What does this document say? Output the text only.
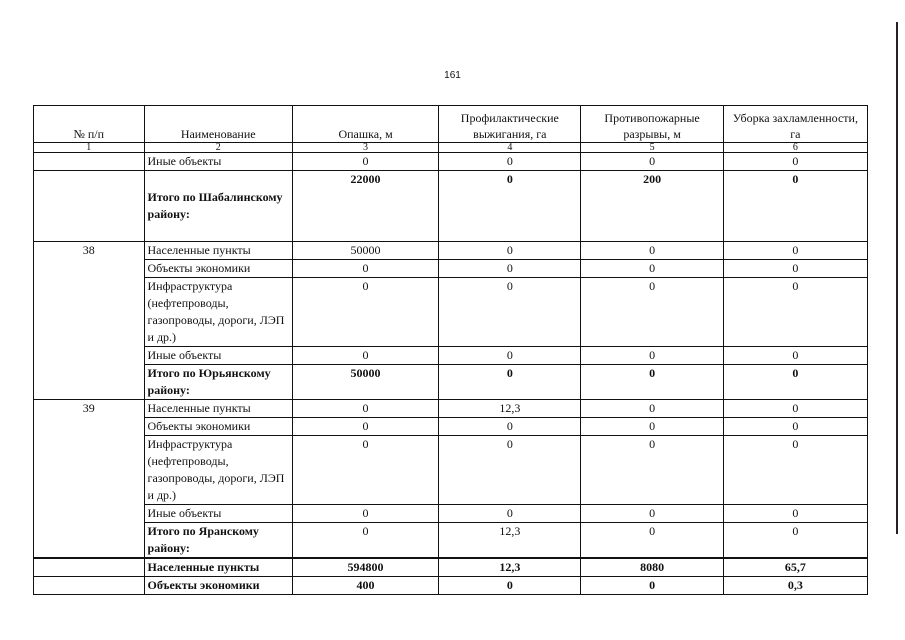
161
№ п/п	Наименование	Опашка, м	Профилактические выжигания, га	Противопожарные разрывы, м	Уборка захламленности, га
1	2	3	4	5	6
	Иные объекты	0	0	0	0
	Итого по Шабалинскому району:	22000	0	200	0
38	Населенные пункты	50000	0	0	0
	Объекты экономики	0	0	0	0
	Инфраструктура (нефтепроводы, газопроводы, дороги, ЛЭП и др.)	0	0	0	0
	Иные объекты	0	0	0	0
	Итого по Юрьянскому району:	50000	0	0	0
39	Населенные пункты	0	12,3	0	0
	Объекты экономики	0	0	0	0
	Инфраструктура (нефтепроводы, газопроводы, дороги, ЛЭП и др.)	0	0	0	0
	Иные объекты	0	0	0	0
	Итого по Яранскому району:	0	12,3	0	0
	Населенные пункты	594800	12,3	8080	65,7
	Объекты экономики	400	0	0	0,3
